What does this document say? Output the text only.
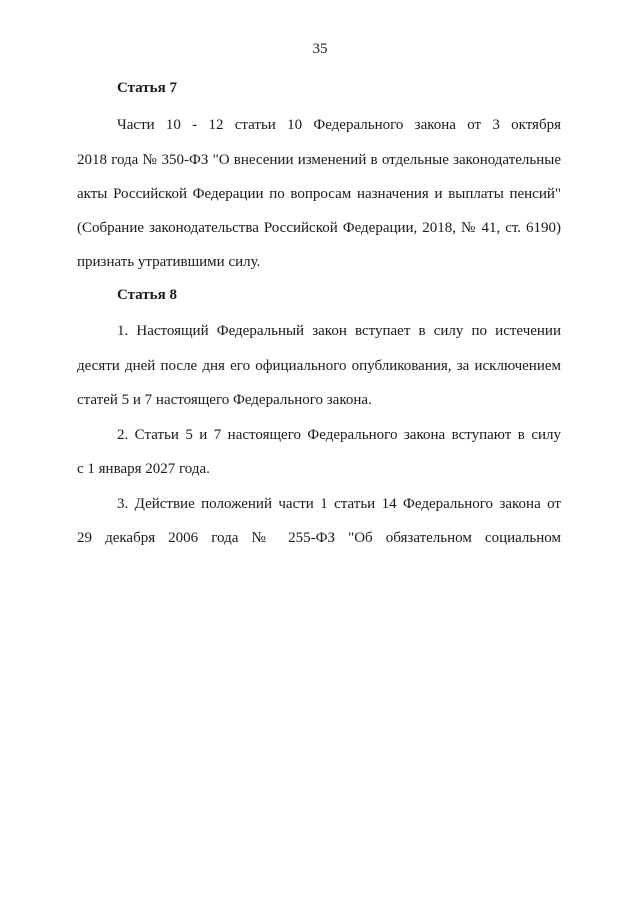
35
Статья 7
Части 10 - 12 статьи 10 Федерального закона от 3 октября
2018 года № 350-ФЗ "О внесении изменений в отдельные законодательные
акты Российской Федерации по вопросам назначения и выплаты пенсий"
(Собрание законодательства Российской Федерации, 2018, № 41, ст. 6190)
признать утратившими силу.
Статья 8
1. Настоящий Федеральный закон вступает в силу по истечении
десяти дней после дня его официального опубликования, за исключением
статей 5 и 7 настоящего Федерального закона.
2. Статьи 5 и 7 настоящего Федерального закона вступают в силу
с 1 января 2027 года.
3. Действие положений части 1 статьи 14 Федерального закона от
29 декабря 2006 года № 255-ФЗ "Об обязательном социальном
